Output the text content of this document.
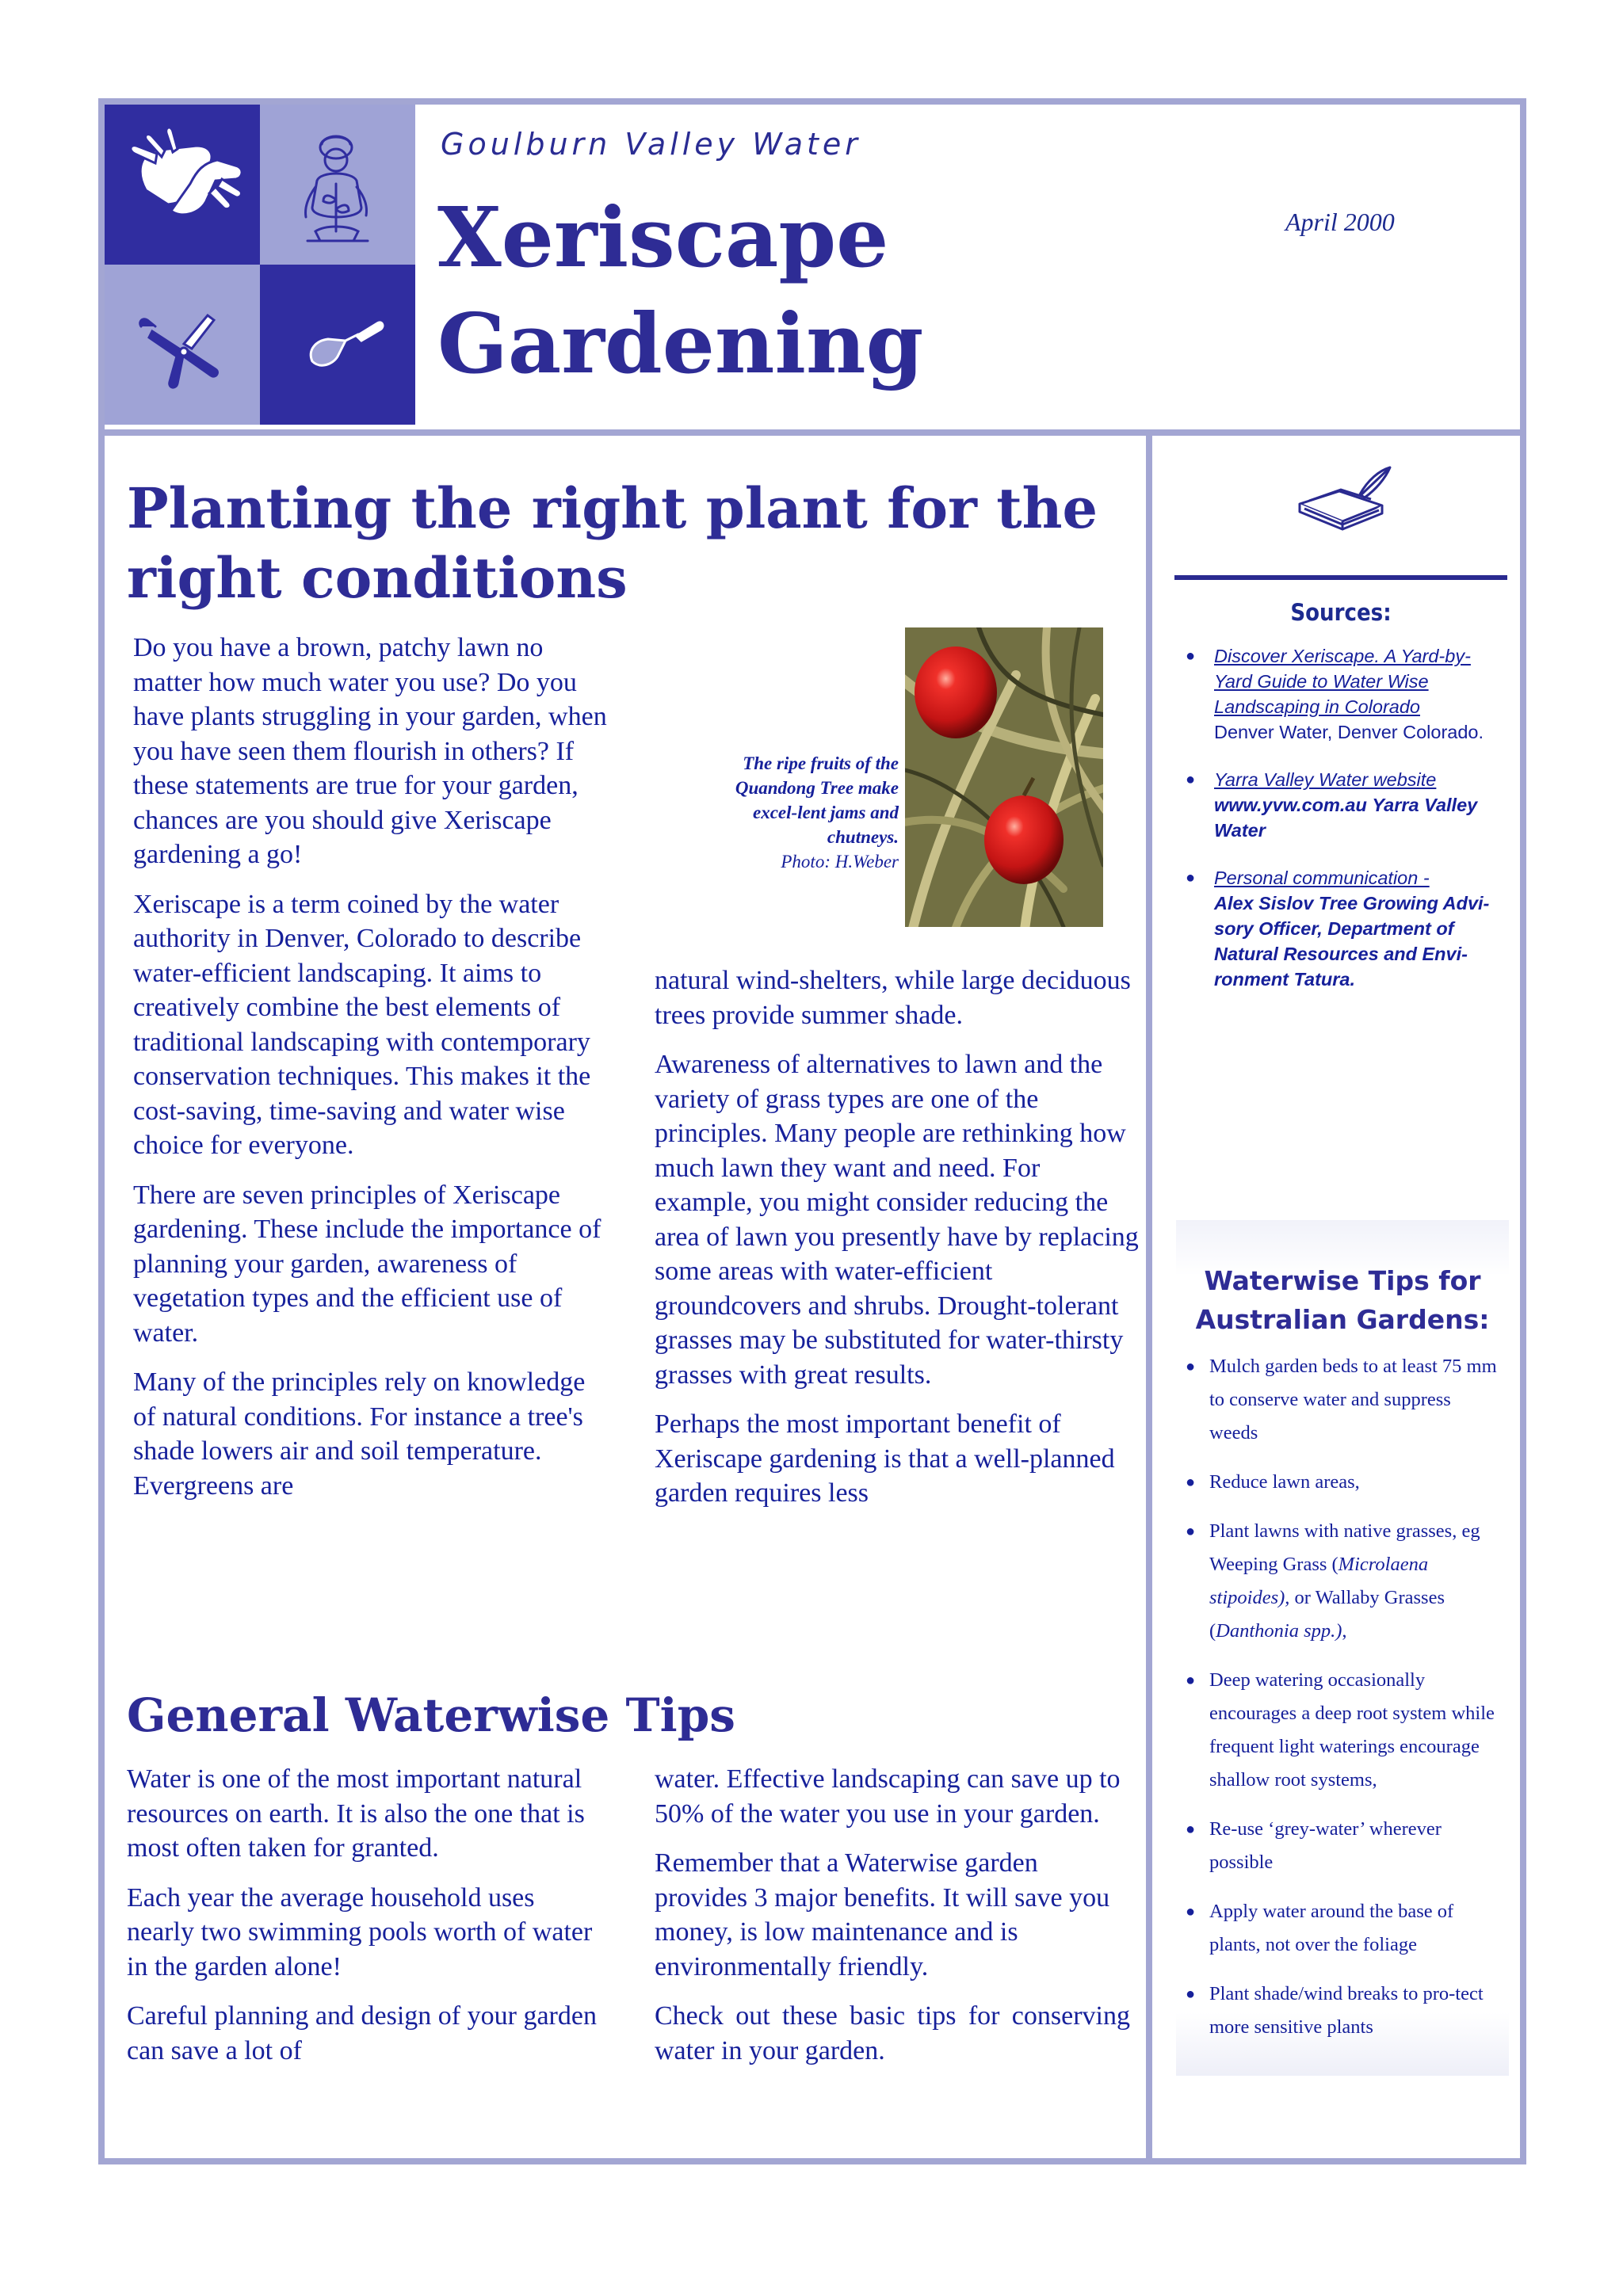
Goulburn Valley Water
Xeriscape
Gardening
April 2000
Planting the right plant for the right conditions

Do you have a brown, patchy lawn no matter how much water you use? Do you have plants struggling in your garden, when you have seen them flourish in others? If these statements are true for your garden, chances are you should give Xeriscape gardening a go!

Xeriscape is a term coined by the water authority in Denver, Colorado to describe water-efficient landscaping. It aims to creatively combine the best elements of traditional landscaping with contemporary conservation techniques. This makes it the cost-saving, time-saving and water wise choice for everyone.

There are seven principles of Xeriscape gardening. These include the importance of planning your garden, awareness of vegetation types and the efficient use of water.

Many of the principles rely on knowledge of natural conditions. For instance a tree's shade lowers air and soil temperature. Evergreens are

natural wind-shelters, while large deciduous trees provide summer shade.

Awareness of alternatives to lawn and the variety of grass types are one of the principles. Many people are rethinking how much lawn they want and need. For example, you might consider reducing the area of lawn you presently have by replacing some areas with water-efficient groundcovers and shrubs. Drought-tolerant grasses may be substituted for water-thirsty grasses with great results.

Perhaps the most important benefit of Xeriscape gardening is that a well-planned garden requires less

The ripe fruits of the Quandong Tree make excel-lent jams and chutneys.
Photo: H.Weber
General Waterwise Tips

Water is one of the most important natural resources on earth. It is also the one that is most often taken for granted.

Each year the average household uses nearly two swimming pools worth of water in the garden alone!

Careful planning and design of your garden can save a lot of

water. Effective landscaping can save up to 50% of the water you use in your garden.

Remember that a Waterwise garden provides 3 major benefits. It will save you money, is low maintenance and is environmentally friendly.

Check out these basic tips for conserving water in your garden.

Sources:
● Discover Xeriscape. A Yard-by-Yard Guide to Water Wise Landscaping in Colorado
Denver Water, Denver Colorado.
● Yarra Valley Water website
www.yvw.com.au Yarra Valley Water
● Personal communication -
Alex Sislov Tree Growing Advi-sory Officer, Department of Natural Resources and Envi-ronment Tatura.
Waterwise Tips for
Australian Gardens:
● Mulch garden beds to at least 75 mm to conserve water and suppress weeds
● Reduce lawn areas,
● Plant lawns with native grasses, eg Weeping Grass (Microlaena stipoides), or Wallaby Grasses (Danthonia spp.),
● Deep watering occasionally encourages a deep root system while frequent light waterings encourage shallow root systems,
● Re-use ‘grey-water’ wherever possible
● Apply water around the base of plants, not over the foliage
● Plant shade/wind breaks to pro-tect more sensitive plants
